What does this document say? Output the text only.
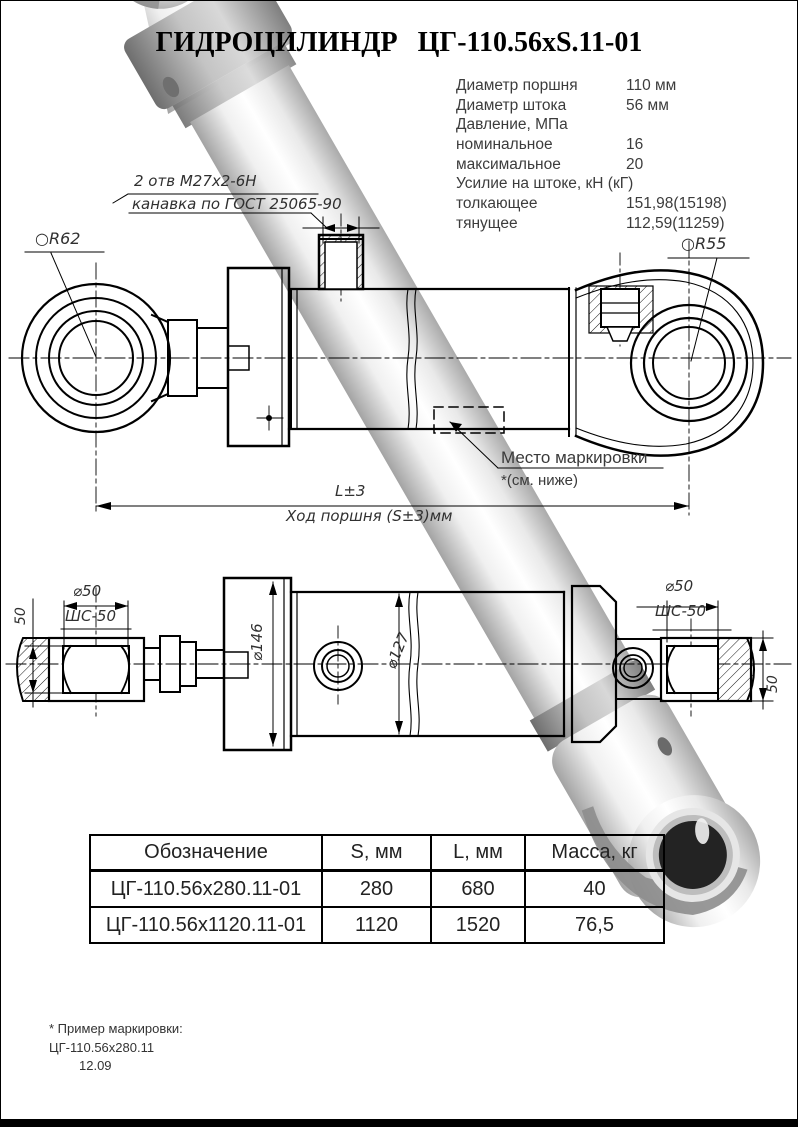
ГИДРОЦИЛИНДР ЦГ-110.56xS.11-01
Диаметр поршня	110 мм
Диаметр штока	56 мм
Давление, МПа
номинальное	16
максимальное	20
Усилие на штоке, кН (кГ)
толкающее	151,98(15198)
тянущее	112,59(11259)
2 отв М27х2-6Н
канавка по ГОСТ 25065-90
○R62	○R55
Место маркировки
*(см. ниже)
L±3
Ход поршня (S±3)мм
⌀50
ШС-50
50
⌀146	⌀127
⌀50
ШС-50
50
Обозначение	S, мм	L, мм	Масса, кг
ЦГ-110.56х280.11-01	280	680	40
ЦГ-110.56х1120.11-01	1120	1520	76,5
* Пример маркировки:
ЦГ-110.56х280.11
12.09
